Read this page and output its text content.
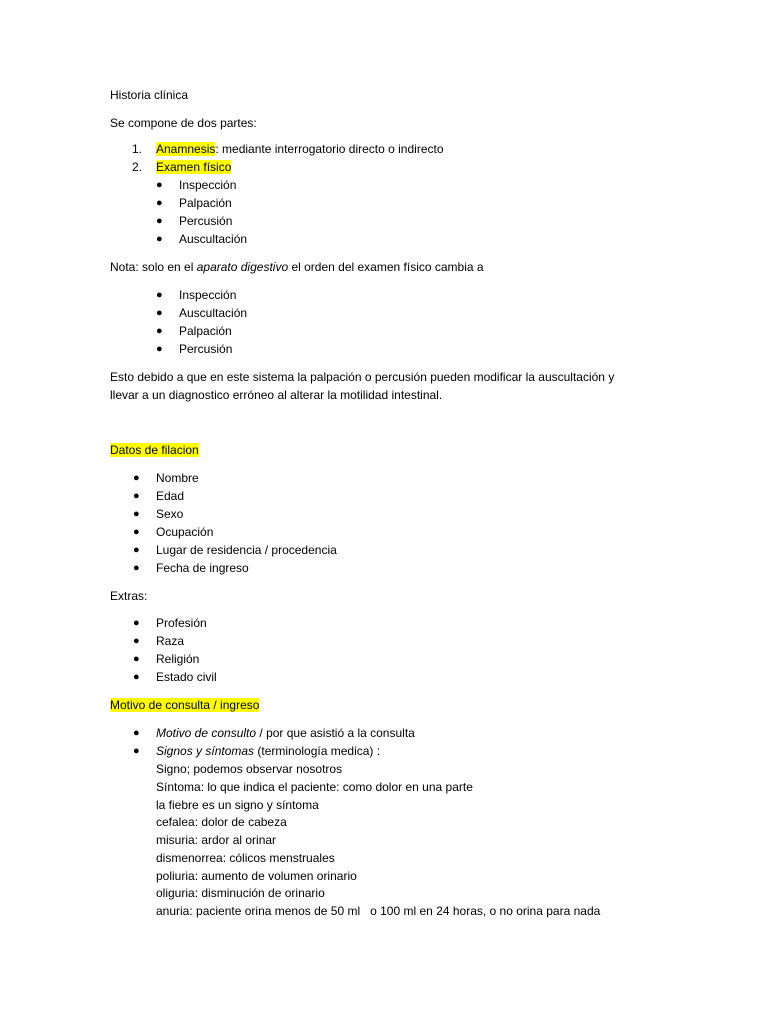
Historia clínica
Se compone de dos partes:
1. Anamnesis: mediante interrogatorio directo o indirecto
2. Examen físico
● Inspección
● Palpación
● Percusión
● Auscultación
Nota: solo en el aparato digestivo el orden del examen físico cambia a
● Inspección
● Auscultación
● Palpación
● Percusión
Esto debido a que en este sistema la palpación o percusión pueden modificar la auscultación y
llevar a un diagnostico erróneo al alterar la motilidad intestinal.
Datos de filacion
● Nombre
● Edad
● Sexo
● Ocupación
● Lugar de residencia / procedencia
● Fecha de ingreso
Extras:
● Profesión
● Raza
● Religión
● Estado civil
Motivo de consulta / ingreso
● Motivo de consulto / por que asistió a la consulta
● Signos y síntomas (terminología medica) :
Signo; podemos observar nosotros
Síntoma: lo que indica el paciente: como dolor en una parte
la fiebre es un signo y síntoma
cefalea: dolor de cabeza
misuria: ardor al orinar
dismenorrea: cólicos menstruales
poliuria: aumento de volumen orinario
oliguria: disminución de orinario
anuria: paciente orina menos de 50 ml   o 100 ml en 24 horas, o no orina para nada
